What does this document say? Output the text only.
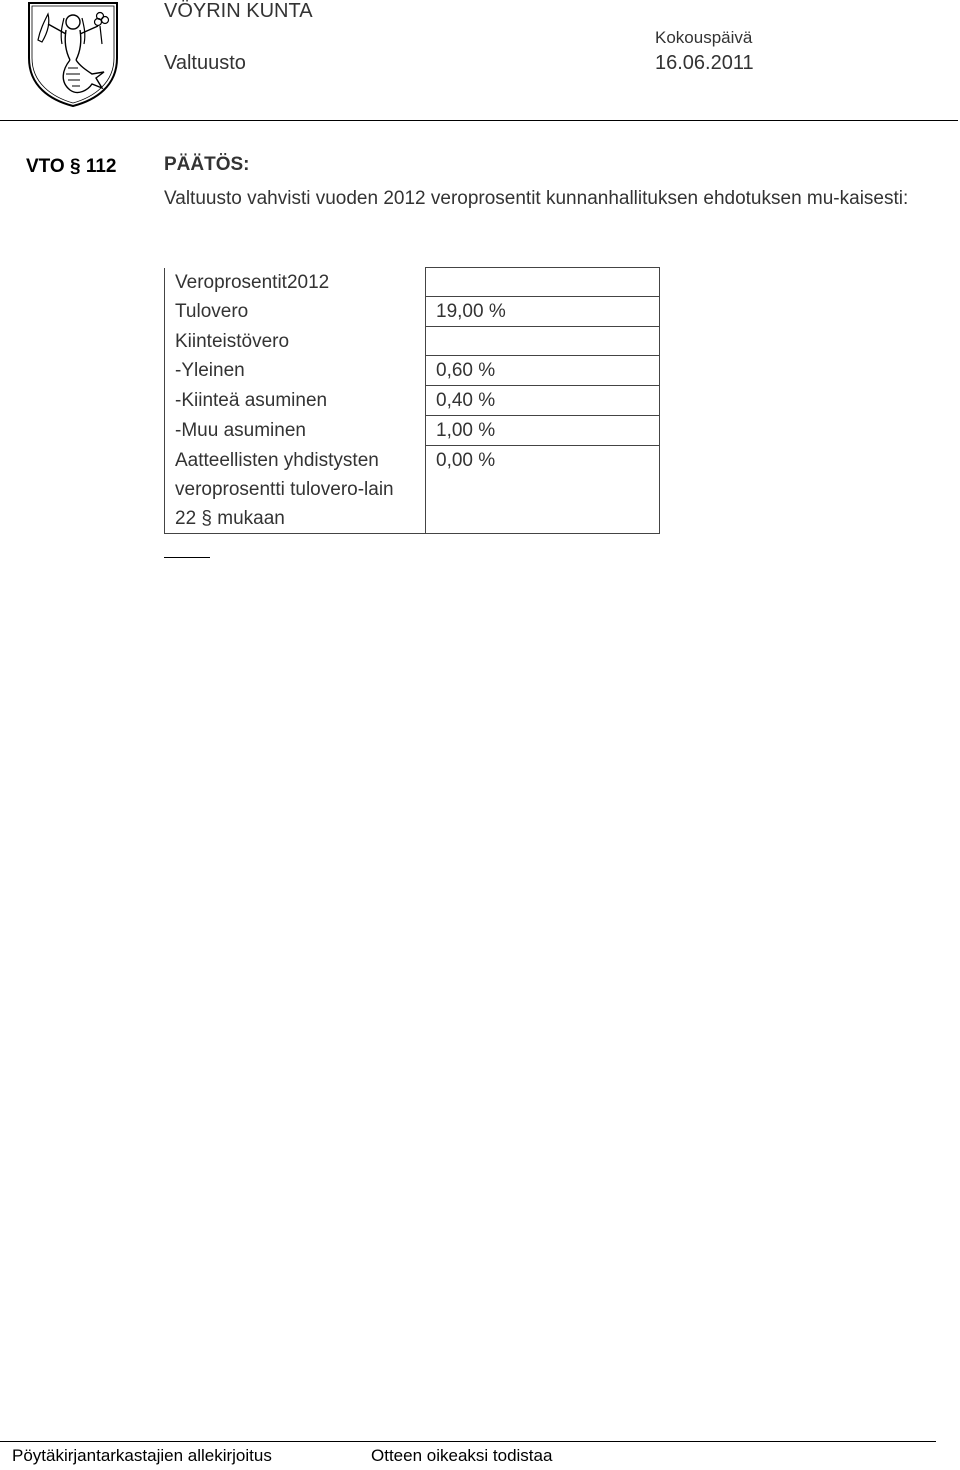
VÖYRIN KUNTA
Valtuusto
Kokouspäivä
16.06.2011
VTO § 112	PÄÄTÖS:
Valtuusto vahvisti vuoden 2012 veroprosentit kunnanhallituksen ehdotuksen mu-kaisesti:
Veroprosentit2012	
Tulovero	19,00 %
Kiinteistövero	
-Yleinen	0,60 %
-Kiinteä asuminen	0,40 %
-Muu asuminen	1,00 %
Aatteellisten yhdistysten veroprosentti tulovero-lain 22 § mukaan	0,00 %
Pöytäkirjantarkastajien allekirjoitus	Otteen oikeaksi todistaa
